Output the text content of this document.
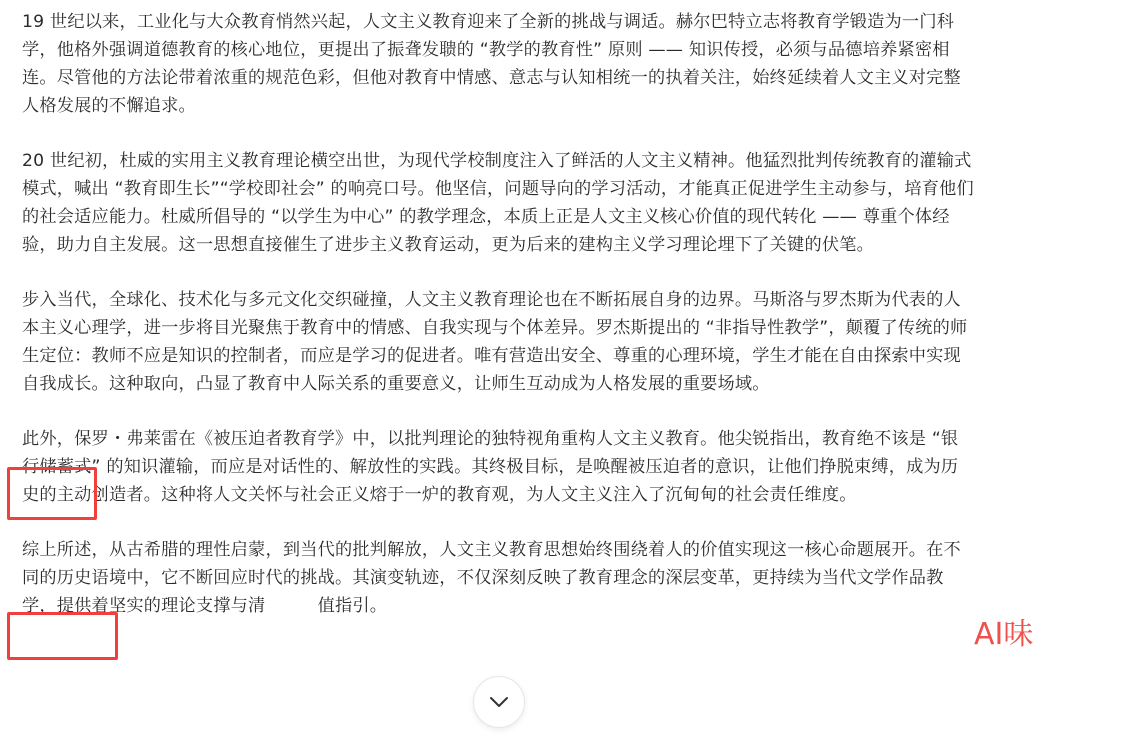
19 世纪以来，工业化与大众教育悄然兴起，人文主义教育迎来了全新的挑战与调适。赫尔巴特立志将教育学锻造为一门科学，他格外强调道德教育的核心地位，更提出了振聋发聩的 “教学的教育性” 原则 —— 知识传授，必须与品德培养紧密相连。尽管他的方法论带着浓重的规范色彩，但他对教育中情感、意志与认知相统一的执着关注，始终延续着人文主义对完整人格发展的不懈追求。

20 世纪初，杜威的实用主义教育理论横空出世，为现代学校制度注入了鲜活的人文主义精神。他猛烈批判传统教育的灌输式模式，喊出 “教育即生长”“学校即社会” 的响亮口号。他坚信，问题导向的学习活动，才能真正促进学生主动参与，培育他们的社会适应能力。杜威所倡导的 “以学生为中心” 的教学理念，本质上正是人文主义核心价值的现代转化 —— 尊重个体经验，助力自主发展。这一思想直接催生了进步主义教育运动，更为后来的建构主义学习理论埋下了关键的伏笔。

步入当代，全球化、技术化与多元文化交织碰撞，人文主义教育理论也在不断拓展自身的边界。马斯洛与罗杰斯为代表的人本主义心理学，进一步将目光聚焦于教育中的情感、自我实现与个体差异。罗杰斯提出的 “非指导性教学”，颠覆了传统的师生定位：教师不应是知识的控制者，而应是学习的促进者。唯有营造出安全、尊重的心理环境，学生才能在自由探索中实现自我成长。这种取向，凸显了教育中人际关系的重要意义，让师生互动成为人格发展的重要场域。

此外，保罗・弗莱雷在《被压迫者教育学》中，以批判理论的独特视角重构人文主义教育。他尖锐指出，教育绝不该是 “银行储蓄式” 的知识灌输，而应是对话性的、解放性的实践。其终极目标，是唤醒被压迫者的意识，让他们挣脱束缚，成为历史的主动创造者。这种将人文关怀与社会正义熔于一炉的教育观，为人文主义注入了沉甸甸的社会责任维度。

综上所述，从古希腊的理性启蒙，到当代的批判解放，人文主义教育思想始终围绕着人的价值实现这一核心命题展开。在不同的历史语境中，它不断回应时代的挑战。其演变轨迹，不仅深刻反映了教育理念的深层变革，更持续为当代文学作品教学，提供着坚实的理论支撑与清	值指引。

AI味
